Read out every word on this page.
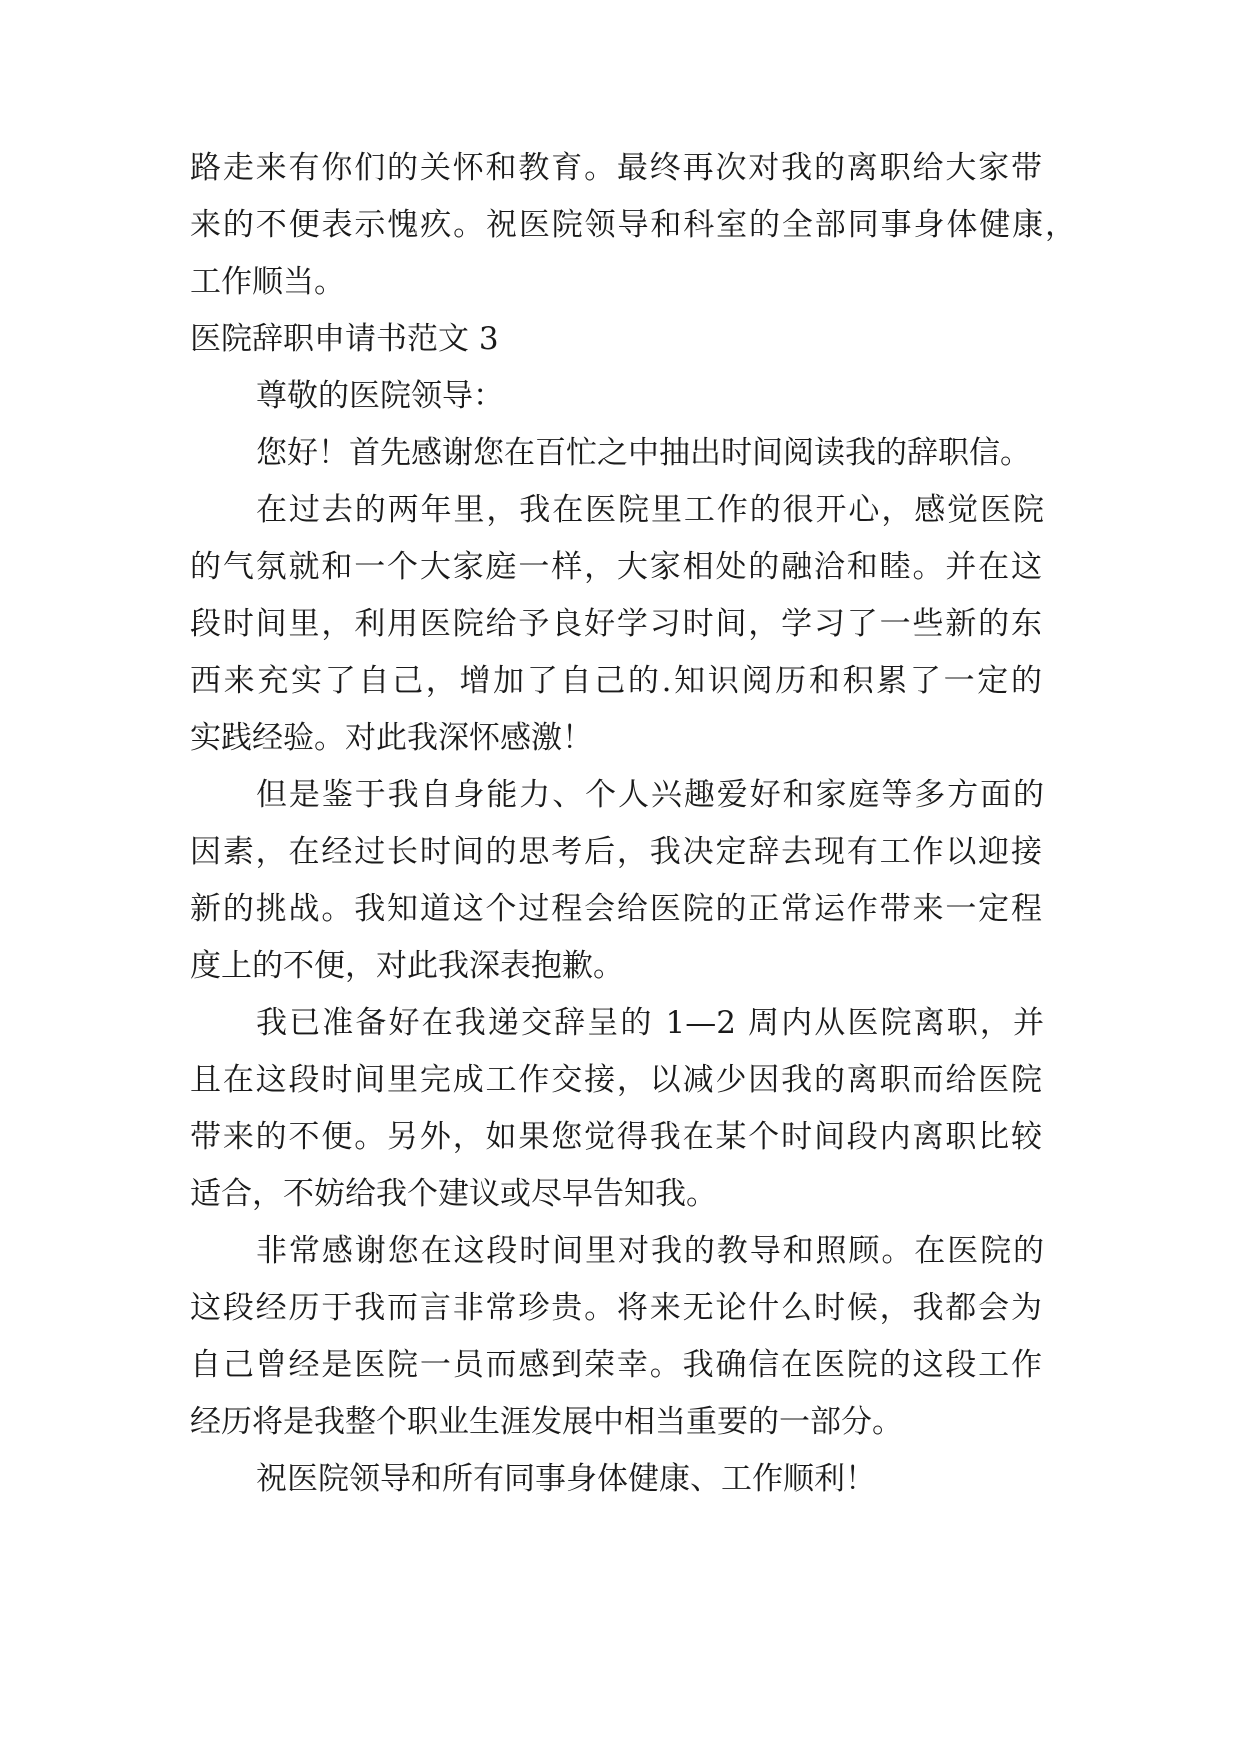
路走来有你们的关怀和教育。最终再次对我的离职给大家带
来的不便表示愧疚。祝医院领导和科室的全部同事身体健康，
工作顺当。
医院辞职申请书范文 3
尊敬的医院领导：
您好！首先感谢您在百忙之中抽出时间阅读我的辞职信。
在过去的两年里，我在医院里工作的很开心，感觉医院
的气氛就和一个大家庭一样，大家相处的融洽和睦。并在这
段时间里，利用医院给予良好学习时间，学习了一些新的东
西来充实了自己，增加了自己的.知识阅历和积累了一定的
实践经验。对此我深怀感激！
但是鉴于我自身能力、个人兴趣爱好和家庭等多方面的
因素，在经过长时间的思考后，我决定辞去现有工作以迎接
新的挑战。我知道这个过程会给医院的正常运作带来一定程
度上的不便，对此我深表抱歉。
我已准备好在我递交辞呈的 1—2 周内从医院离职，并
且在这段时间里完成工作交接，以减少因我的离职而给医院
带来的不便。另外，如果您觉得我在某个时间段内离职比较
适合，不妨给我个建议或尽早告知我。
非常感谢您在这段时间里对我的教导和照顾。在医院的
这段经历于我而言非常珍贵。将来无论什么时候，我都会为
自己曾经是医院一员而感到荣幸。我确信在医院的这段工作
经历将是我整个职业生涯发展中相当重要的一部分。
祝医院领导和所有同事身体健康、工作顺利！
